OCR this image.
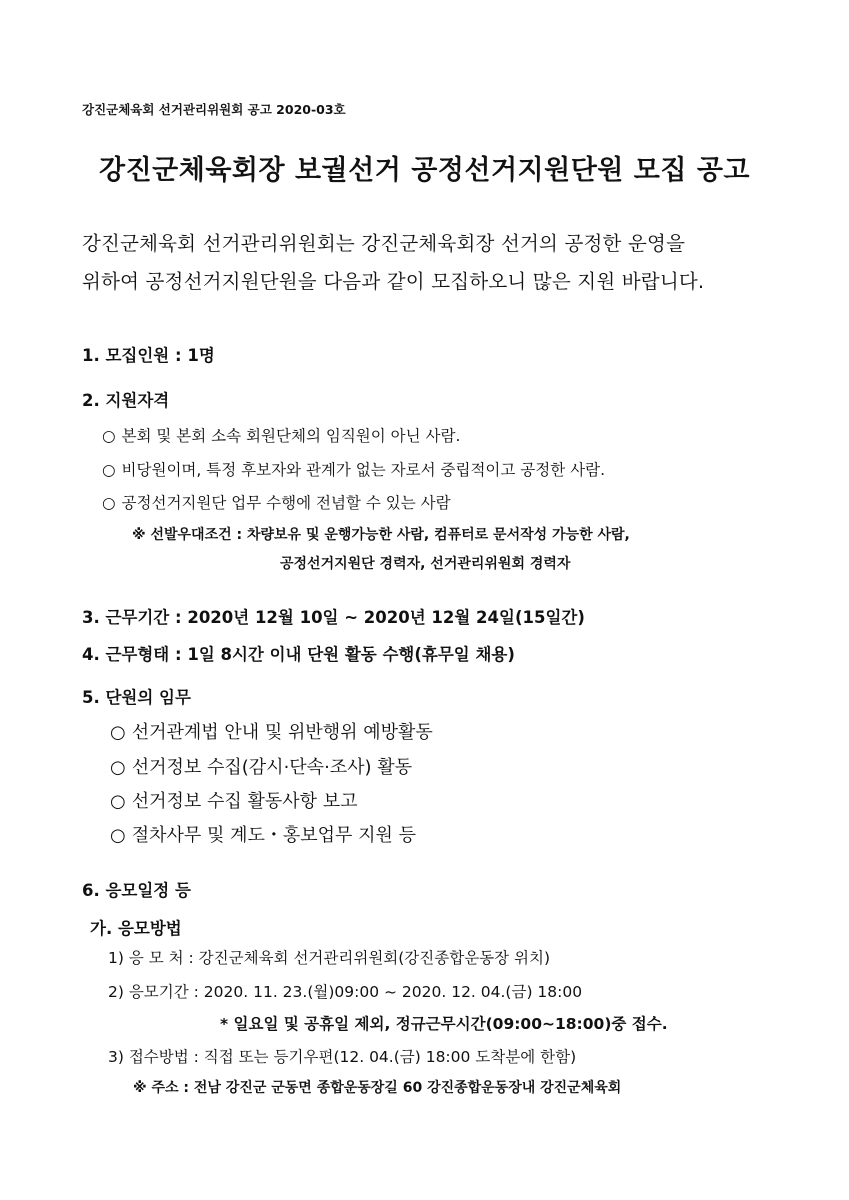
강진군체육회 선거관리위원회 공고 2020-03호
강진군체육회장 보궐선거 공정선거지원단원 모집 공고
강진군체육회 선거관리위원회는 강진군체육회장 선거의 공정한 운영을
위하여 공정선거지원단원을 다음과 같이 모집하오니 많은 지원 바랍니다.
1. 모집인원 : 1명
2. 지원자격
○ 본회 및 본회 소속 회원단체의 임직원이 아닌 사람.
○ 비당원이며, 특정 후보자와 관계가 없는 자로서 중립적이고 공정한 사람.
○ 공정선거지원단 업무 수행에 전념할 수 있는 사람
※ 선발우대조건 : 차량보유 및 운행가능한 사람, 컴퓨터로 문서작성 가능한 사람,
공정선거지원단 경력자, 선거관리위원회 경력자
3. 근무기간 : 2020년 12월 10일 ~ 2020년 12월 24일(15일간)
4. 근무형태 : 1일 8시간 이내 단원 활동 수행(휴무일 채용)
5. 단원의 임무
○ 선거관계법 안내 및 위반행위 예방활동
○ 선거정보 수집(감시·단속·조사) 활동
○ 선거정보 수집 활동사항 보고
○ 절차사무 및 계도・홍보업무 지원 등
6. 응모일정 등
가. 응모방법
1) 응 모 처 : 강진군체육회 선거관리위원회(강진종합운동장 위치)
2) 응모기간 : 2020. 11. 23.(월)09:00 ~ 2020. 12. 04.(금) 18:00
* 일요일 및 공휴일 제외, 정규근무시간(09:00~18:00)중 접수.
3) 접수방법 : 직접 또는 등기우편(12. 04.(금) 18:00 도착분에 한함)
※ 주소 : 전남 강진군 군동면 종합운동장길 60 강진종합운동장내 강진군체육회
